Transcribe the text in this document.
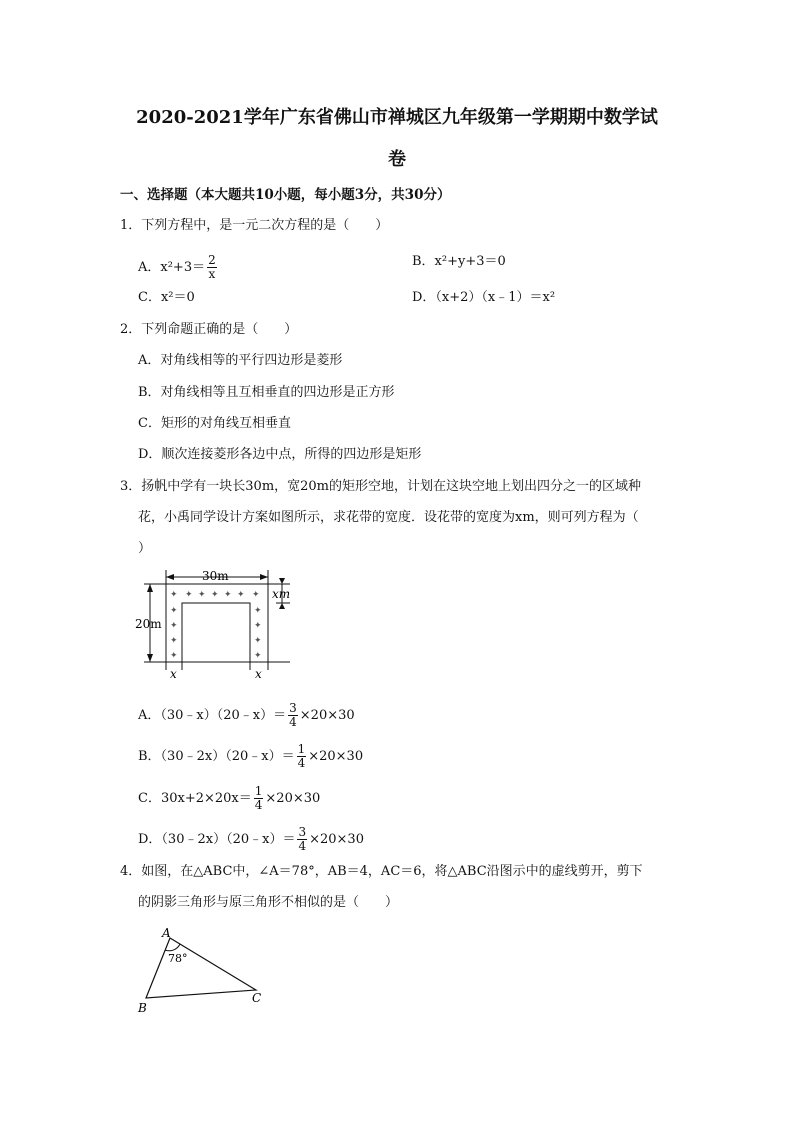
2020-2021学年广东省佛山市禅城区九年级第一学期期中数学试
卷
一、选择题（本大题共10小题，每小题3分，共30分）
1．下列方程中，是一元二次方程的是（　　）
A．$x^2+3= \frac{2}{x}$	B．x²+y+3＝0
C．x²＝0	D．（x+2）（x﹣1）＝x²
2．下列命题正确的是（　　）
A．对角线相等的平行四边形是菱形
B．对角线相等且互相垂直的四边形是正方形
C．矩形的对角线互相垂直
D．顺次连接菱形各边中点，所得的四边形是矩形
3．扬帆中学有一块长30m，宽20m的矩形空地，计划在这块空地上划出四分之一的区域种
花，小禹同学设计方案如图所示，求花带的宽度．设花带的宽度为xm，则可列方程为（
）
30m
20m
✦ ✦ ✦ ✦ ✦ ✦ ✦
✦
✦
✦
✦
✦
✦
✦
✦
xm
x	x
A．（30﹣x）（20﹣x）＝ $\frac{3}{4} \times 20\times 30$
B．（30﹣2x）（20﹣x）＝ $\frac{1}{4} \times 20\times 30$
C．$30x+2\times 20x= \frac{1}{4} \times 20\times 30$
D．（30﹣2x）（20﹣x）＝ $\frac{3}{4} \times 20\times 30$
4．如图，在△ABC中，∠A＝78°，AB＝4，AC＝6，将△ABC沿图示中的虚线剪开，剪下
的阴影三角形与原三角形不相似的是（　　）
A
B
C
78°
